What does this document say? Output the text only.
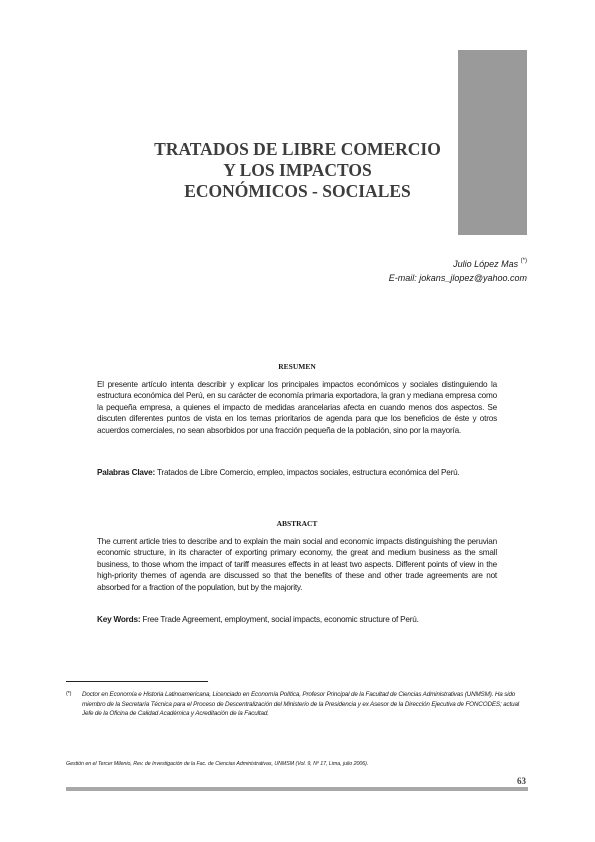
TRATADOS DE LIBRE COMERCIO
Y LOS IMPACTOS
ECONÓMICOS - SOCIALES
Julio López Mas (*)
E-mail: jokans_jlopez@yahoo.com
RESUMEN

El presente artículo intenta describir y explicar los principales impactos económicos y sociales distinguiendo la estructura económica del Perú, en su carácter de economía primaria exportadora, la gran y mediana empresa como la pequeña empresa, a quienes el impacto de medidas arancelarias afecta en cuando menos dos aspectos. Se discuten diferentes puntos de vista en los temas prioritarios de agenda para que los beneficios de éste y otros acuerdos comerciales, no sean absorbidos por una fracción pequeña de la población, sino por la mayoría.

Palabras Clave: Tratados de Libre Comercio, empleo, impactos sociales, estructura económica del Perú.

ABSTRACT

The current article tries to describe and to explain the main social and economic impacts distinguishing the peruvian economic structure, in its character of exporting primary economy, the great and medium business as the small business, to those whom the impact of tariff measures effects in at least two aspects. Different points of view in the high-priority themes of agenda are discussed so that the benefits of these and other trade agreements are not absorbed for a fraction of the population, but by the majority.

Key Words: Free Trade Agreement, employment, social impacts, economic structure of Perú.

(*) Doctor en Economía e Historia Latinoamericana, Licenciado en Economía Política, Profesor Principal de la Facultad de Ciencias Administrativas (UNMSM). Ha sido miembro de la Secretaría Técnica para el Proceso de Descentralización del Ministerio de la Presidencia y ex Asesor de la Dirección Ejecutiva de FONCODES; actual Jefe de la Oficina de Calidad Académica y Acreditación de la Facultad.
Gestión en el Tercer Milenio, Rev. de Investigación de la Fac. de Ciencias Administrativas, UNMSM (Vol. 9, Nº 17, Lima, julio 2006).
63
